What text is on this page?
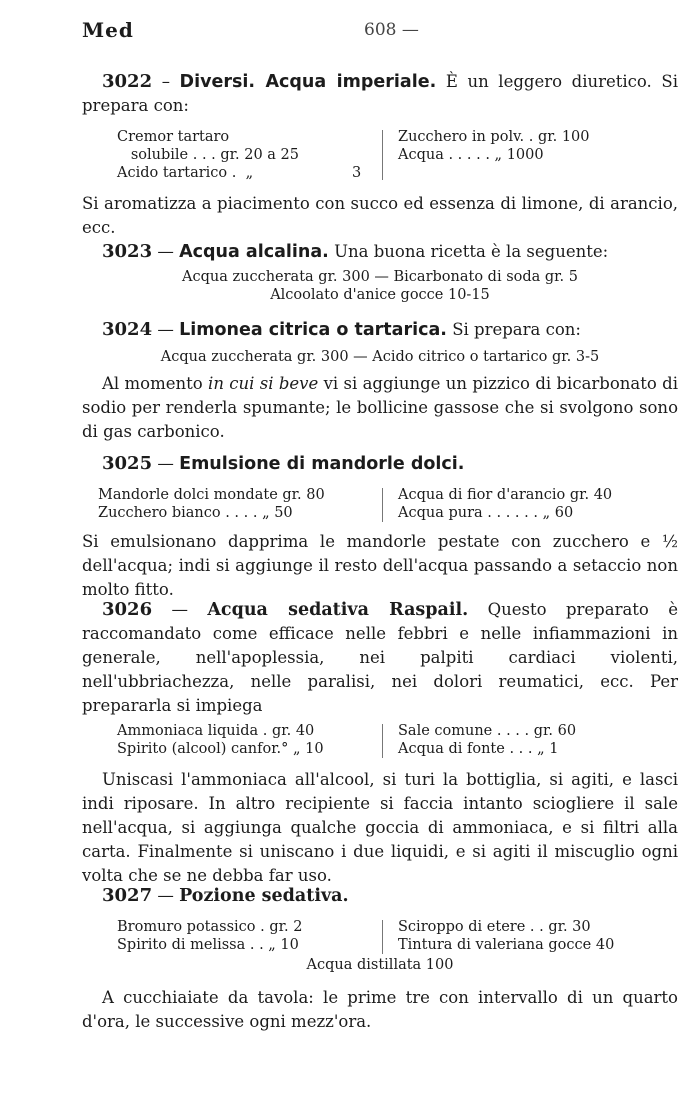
Med	608 —

3022 – Diversi. Acqua imperiale. È un leggero diuretico. Si prepara con:

Cremor tartaro
solubile . . . gr. 20 a 25
Acido tartarico .  „	3
Zucchero in polv. . gr. 100
Acqua . . . . . „ 1000

Si aromatizza a piacimento con succo ed essenza di limone, di arancio, ecc.

3023 — Acqua alcalina. Una buona ricetta è la seguente:

Acqua zuccherata gr. 300 — Bicarbonato di soda gr. 5
Alcoolato d'anice gocce 10-15

3024 — Limonea citrica o tartarica. Si prepara con:

Acqua zuccherata gr. 300 — Acido citrico o tartarico gr. 3-5

Al momento in cui si beve vi si aggiunge un pizzico di bicarbonato di sodio per renderla spumante; le bollicine gassose che si svolgono sono di gas carbonico.

3025 — Emulsione di mandorle dolci.

Mandorle dolci mondate gr. 80
Zucchero bianco . . . . „ 50
Acqua di fior d'arancio gr. 40
Acqua pura . . . . . . „ 60

Si emulsionano dapprima le mandorle pestate con zucchero e ½ dell'acqua; indi si aggiunge il resto dell'acqua passando a setaccio non molto fitto.

3026 — Acqua sedativa Raspail. Questo preparato è raccomandato come efficace nelle febbri e nelle infiammazioni in generale, nell'apoplessia, nei palpiti cardiaci violenti, nell'ubbriachezza, nelle paralisi, nei dolori reumatici, ecc. Per prepararla si impiega

Ammoniaca liquida . gr. 40
Spirito (alcool) canfor.° „ 10
Sale comune . . . . gr. 60
Acqua di fonte . . . „ 1

Uniscasi l'ammoniaca all'alcool, si turi la bottiglia, si agiti, e lasci indi riposare. In altro recipiente si faccia intanto sciogliere il sale nell'acqua, si aggiunga qualche goccia di ammoniaca, e si filtri alla carta. Finalmente si uniscano i due liquidi, e si agiti il miscuglio ogni volta che se ne debba far uso.

3027 — Pozione sedativa.

Bromuro potassico . gr. 2
Spirito di melissa . . „ 10
Sciroppo di etere . . gr. 30
Tintura di valeriana gocce 40
Acqua distillata 100

A cucchiaiate da tavola: le prime tre con intervallo di un quarto d'ora, le successive ogni mezz'ora.
